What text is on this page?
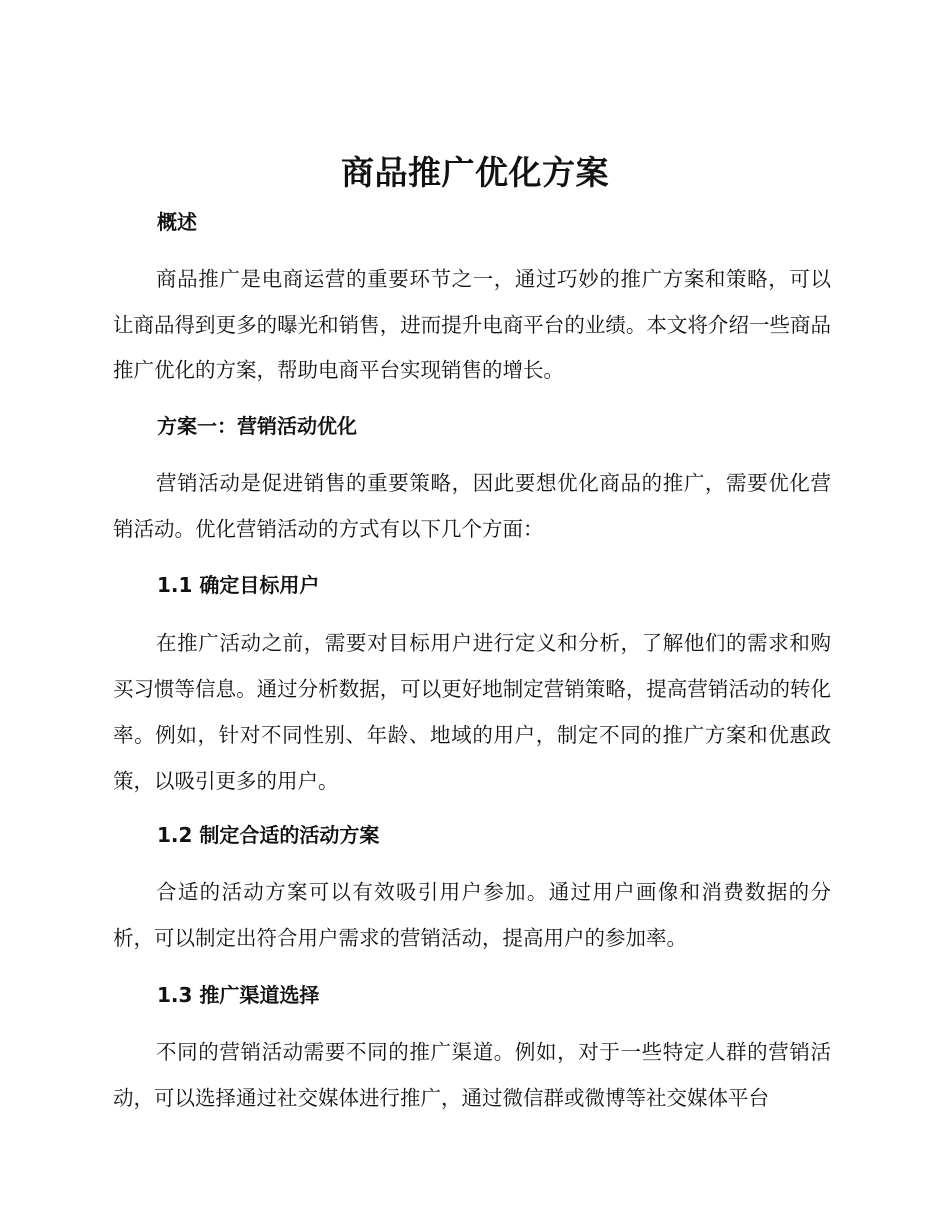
商品推广优化方案
概述
商品推广是电商运营的重要环节之一，通过巧妙的推广方案和策略，可以让商品得到更多的曝光和销售，进而提升电商平台的业绩。本文将介绍一些商品推广优化的方案，帮助电商平台实现销售的增长。
方案一：营销活动优化
营销活动是促进销售的重要策略，因此要想优化商品的推广，需要优化营销活动。优化营销活动的方式有以下几个方面：
1.1 确定目标用户
在推广活动之前，需要对目标用户进行定义和分析，了解他们的需求和购买习惯等信息。通过分析数据，可以更好地制定营销策略，提高营销活动的转化率。例如，针对不同性别、年龄、地域的用户，制定不同的推广方案和优惠政策，以吸引更多的用户。
1.2 制定合适的活动方案
合适的活动方案可以有效吸引用户参加。通过用户画像和消费数据的分析，可以制定出符合用户需求的营销活动，提高用户的参加率。
1.3 推广渠道选择
不同的营销活动需要不同的推广渠道。例如，对于一些特定人群的营销活动，可以选择通过社交媒体进行推广，通过微信群或微博等社交媒体平台
